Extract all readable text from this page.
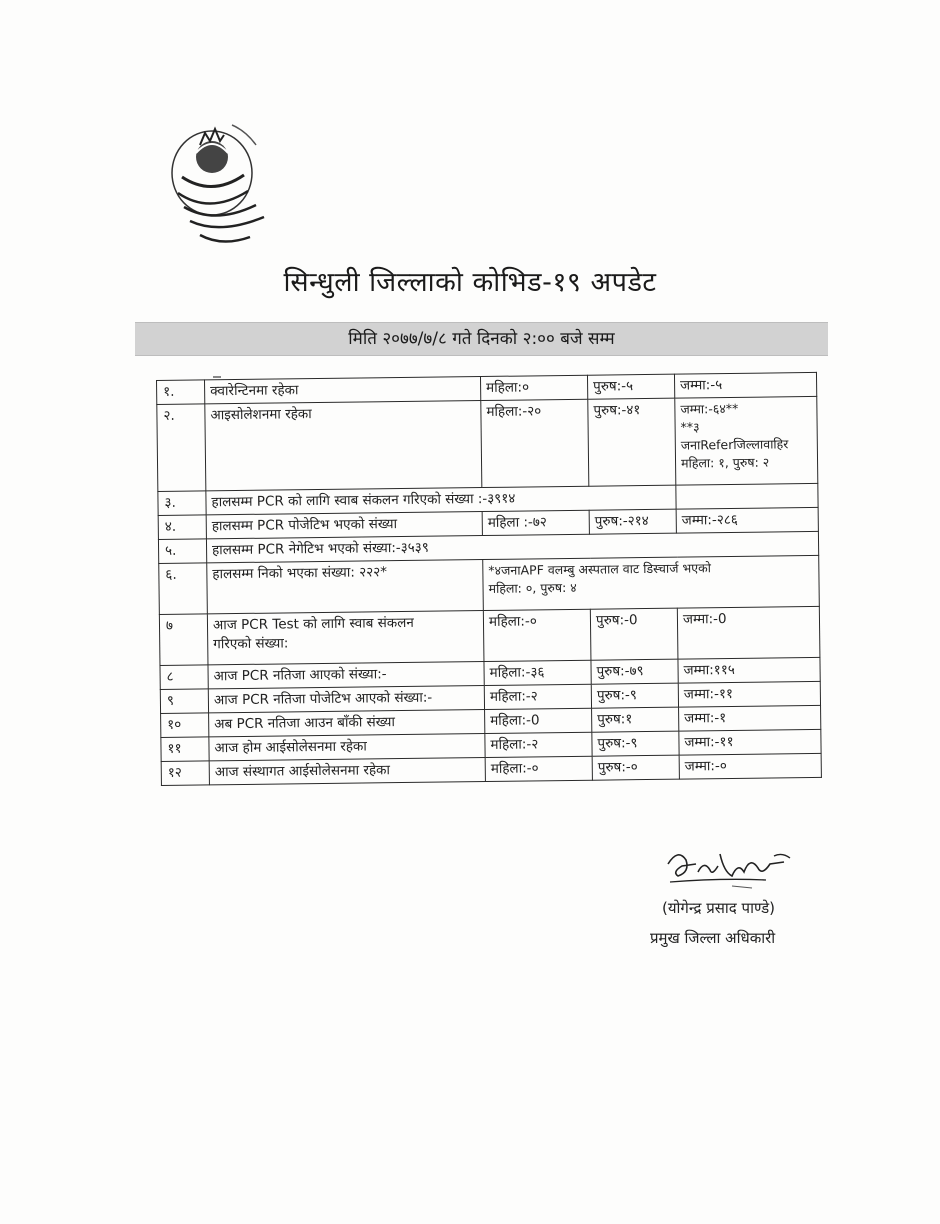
सिन्धुली जिल्लाको कोभिड-१९ अपडेट
मिति २०७७/७/८ गते दिनको २:०० बजे सम्म
१.	क्वारेन्टिनमा रहेका	महिला:०	पुरुष:-५	जम्मा:-५
२.	आइसोलेशनमा रहेका	महिला:-२०	पुरुष:-४१	जम्मा:-६४**
**३
जनाReferजिल्लावाहिर
महिला: १, पुरुष: २

३.	हालसम्म PCR को लागि स्वाब संकलन गरिएको संख्या :-३९१४			
४.	हालसम्म PCR पोजेटिभ भएको संख्या	महिला :-७२	पुरुष:-२१४	जम्मा:-२८६
५.	हालसम्म PCR नेगेटिभ भएको संख्या:-३५३९			
६.	हालसम्म निको भएका संख्या: २२२*	*४जनाAPF वलम्बु अस्पताल वाट डिस्चार्ज भएको
महिला: ०, पुरुष: ४		

७	आज PCR Test को लागि स्वाब संकलन
गरिएको संख्या:	महिला:-०	पुरुष:-0	जम्मा:-0
८	आज PCR नतिजा आएको संख्या:-	महिला:-३६	पुरुष:-७९	जम्मा:११५
९	आज PCR नतिजा पोजेटिभ आएको संख्या:-	महिला:-२	पुरुष:-९	जम्मा:-११
१०	अब PCR नतिजा आउन बाँकी संख्या	महिला:-0	पुरुष:१	जम्मा:-१
११	आज होम आईसोलेसनमा रहेका	महिला:-२	पुरुष:-९	जम्मा:-११
१२	आज संस्थागत आईसोलेसनमा रहेका	महिला:-०	पुरुष:-०	जम्मा:-०
(योगेन्द्र प्रसाद पाण्डे)
प्रमुख जिल्ला अधिकारी
